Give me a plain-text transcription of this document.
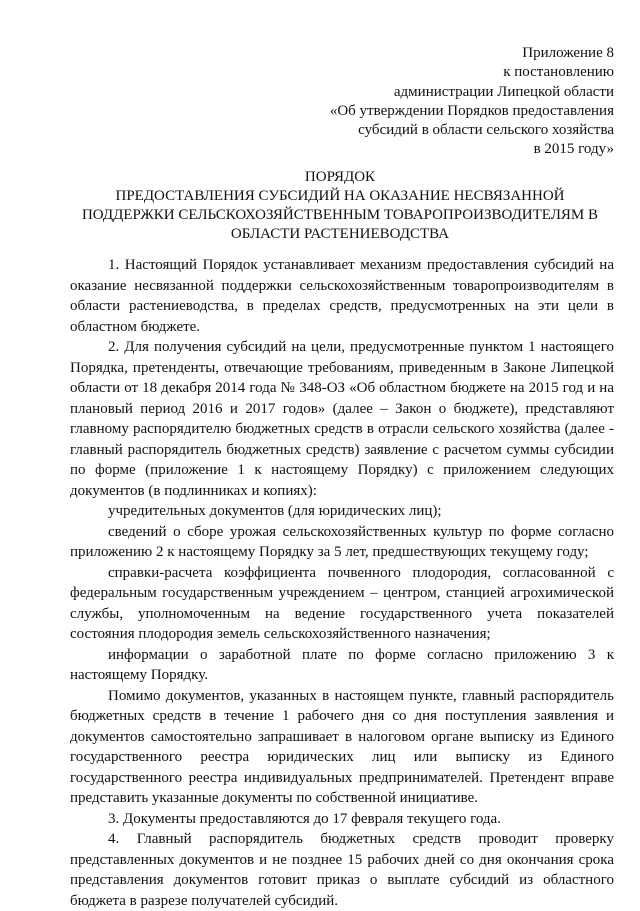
Приложение 8
к постановлению
администрации Липецкой области
«Об утверждении Порядков предоставления
субсидий в области сельского хозяйства
в 2015 году»
ПОРЯДОК
ПРЕДОСТАВЛЕНИЯ СУБСИДИЙ НА ОКАЗАНИЕ НЕСВЯЗАННОЙ
ПОДДЕРЖКИ СЕЛЬСКОХОЗЯЙСТВЕННЫМ ТОВАРОПРОИЗВОДИТЕЛЯМ В
ОБЛАСТИ РАСТЕНИЕВОДСТВА

1. Настоящий Порядок устанавливает механизм предоставления субсидий на оказание несвязанной поддержки сельскохозяйственным товаропроизводителям в области растениеводства, в пределах средств, предусмотренных на эти цели в областном бюджете.

2. Для получения субсидий на цели, предусмотренные пунктом 1 настоящего Порядка, претенденты, отвечающие требованиям, приведенным в Законе Липецкой области от 18 декабря 2014 года № 348-ОЗ «Об областном бюджете на 2015 год и на плановый период 2016 и 2017 годов» (далее – Закон о бюджете), представляют главному распорядителю бюджетных средств в отрасли сельского хозяйства (далее - главный распорядитель бюджетных средств) заявление с расчетом суммы субсидии по форме (приложение 1 к настоящему Порядку) с приложением следующих документов (в подлинниках и копиях):

учредительных документов (для юридических лиц);

сведений о сборе урожая сельскохозяйственных культур по форме согласно приложению 2 к настоящему Порядку за 5 лет, предшествующих текущему году;

справки-расчета коэффициента почвенного плодородия, согласованной с федеральным государственным учреждением – центром, станцией агрохимической службы, уполномоченным на ведение государственного учета показателей состояния плодородия земель сельскохозяйственного назначения;

информации о заработной плате по форме согласно приложению 3 к настоящему Порядку.

Помимо документов, указанных в настоящем пункте, главный распорядитель бюджетных средств в течение 1 рабочего дня со дня поступления заявления и документов самостоятельно запрашивает в налоговом органе выписку из Единого государственного реестра юридических лиц или выписку из Единого государственного реестра индивидуальных предпринимателей. Претендент вправе представить указанные документы по собственной инициативе.

3. Документы предоставляются до 17 февраля текущего года.

4. Главный распорядитель бюджетных средств проводит проверку представленных документов и не позднее 15 рабочих дней со дня окончания срока представления документов готовит приказ о выплате субсидий из областного бюджета в разрезе получателей субсидий.
